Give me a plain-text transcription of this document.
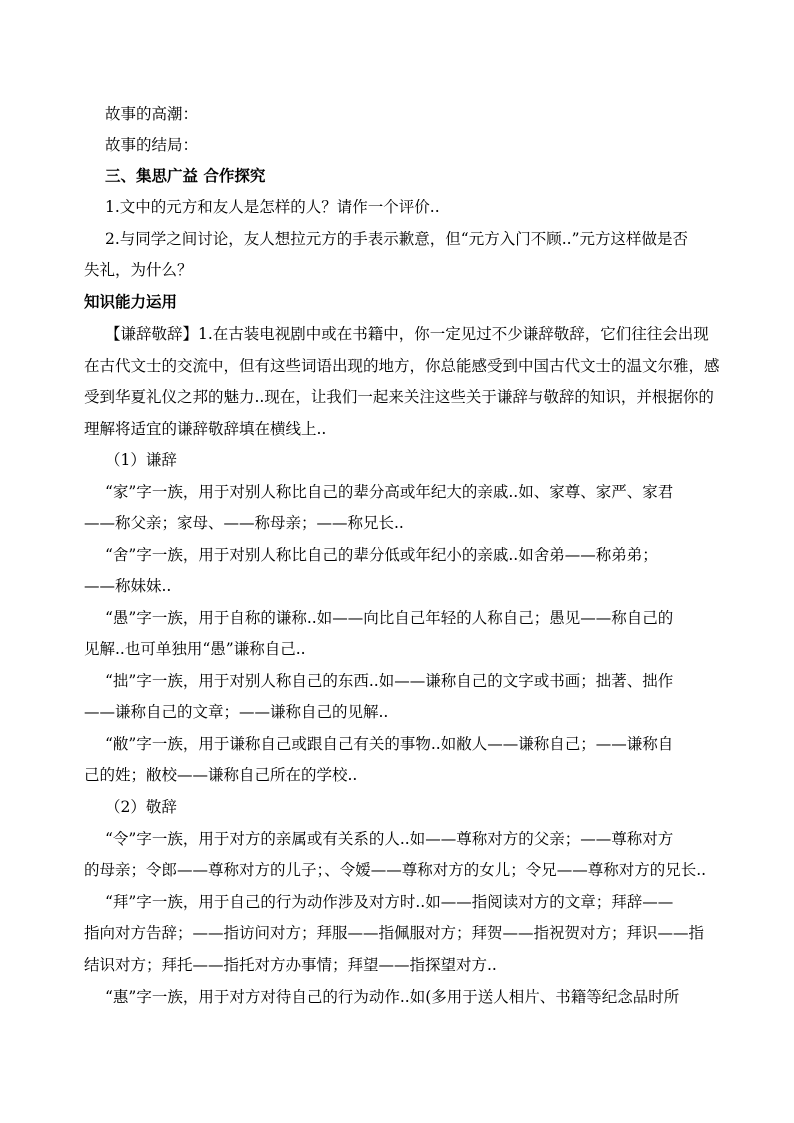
故事的高潮：
故事的结局：
三、集思广益 合作探究
1.文中的元方和友人是怎样的人？请作一个评价..
2.与同学之间讨论，友人想拉元方的手表示歉意，但“元方入门不顾..”元方这样做是否
失礼，为什么？
知识能力运用
【谦辞敬辞】1.在古装电视剧中或在书籍中，你一定见过不少谦辞敬辞，它们往往会出现
在古代文士的交流中，但有这些词语出现的地方，你总能感受到中国古代文士的温文尔雅，感
受到华夏礼仪之邦的魅力..现在，让我们一起来关注这些关于谦辞与敬辞的知识，并根据你的
理解将适宜的谦辞敬辞填在横线上..
（1）谦辞
“家”字一族，用于对别人称比自己的辈分高或年纪大的亲戚..如、家尊、家严、家君
——称父亲；家母、——称母亲；——称兄长..
“舍”字一族，用于对别人称比自己的辈分低或年纪小的亲戚..如舍弟——称弟弟；
——称妹妹..
“愚”字一族，用于自称的谦称..如——向比自己年轻的人称自己；愚见——称自己的
见解..也可单独用“愚”谦称自己..
“拙”字一族，用于对别人称自己的东西..如——谦称自己的文字或书画；拙著、拙作
——谦称自己的文章；——谦称自己的见解..
“敝”字一族，用于谦称自己或跟自己有关的事物..如敝人——谦称自己；——谦称自
己的姓；敝校——谦称自己所在的学校..
（2）敬辞
“令”字一族，用于对方的亲属或有关系的人..如——尊称对方的父亲；——尊称对方
的母亲；令郎——尊称对方的儿子；、令嫒——尊称对方的女儿；令兄——尊称对方的兄长..
“拜”字一族，用于自己的行为动作涉及对方时..如——指阅读对方的文章；拜辞——
指向对方告辞；——指访问对方；拜服——指佩服对方；拜贺——指祝贺对方；拜识——指
结识对方；拜托——指托对方办事情；拜望——指探望对方..
“惠”字一族，用于对方对待自己的行为动作..如(多用于送人相片、书籍等纪念品时所
